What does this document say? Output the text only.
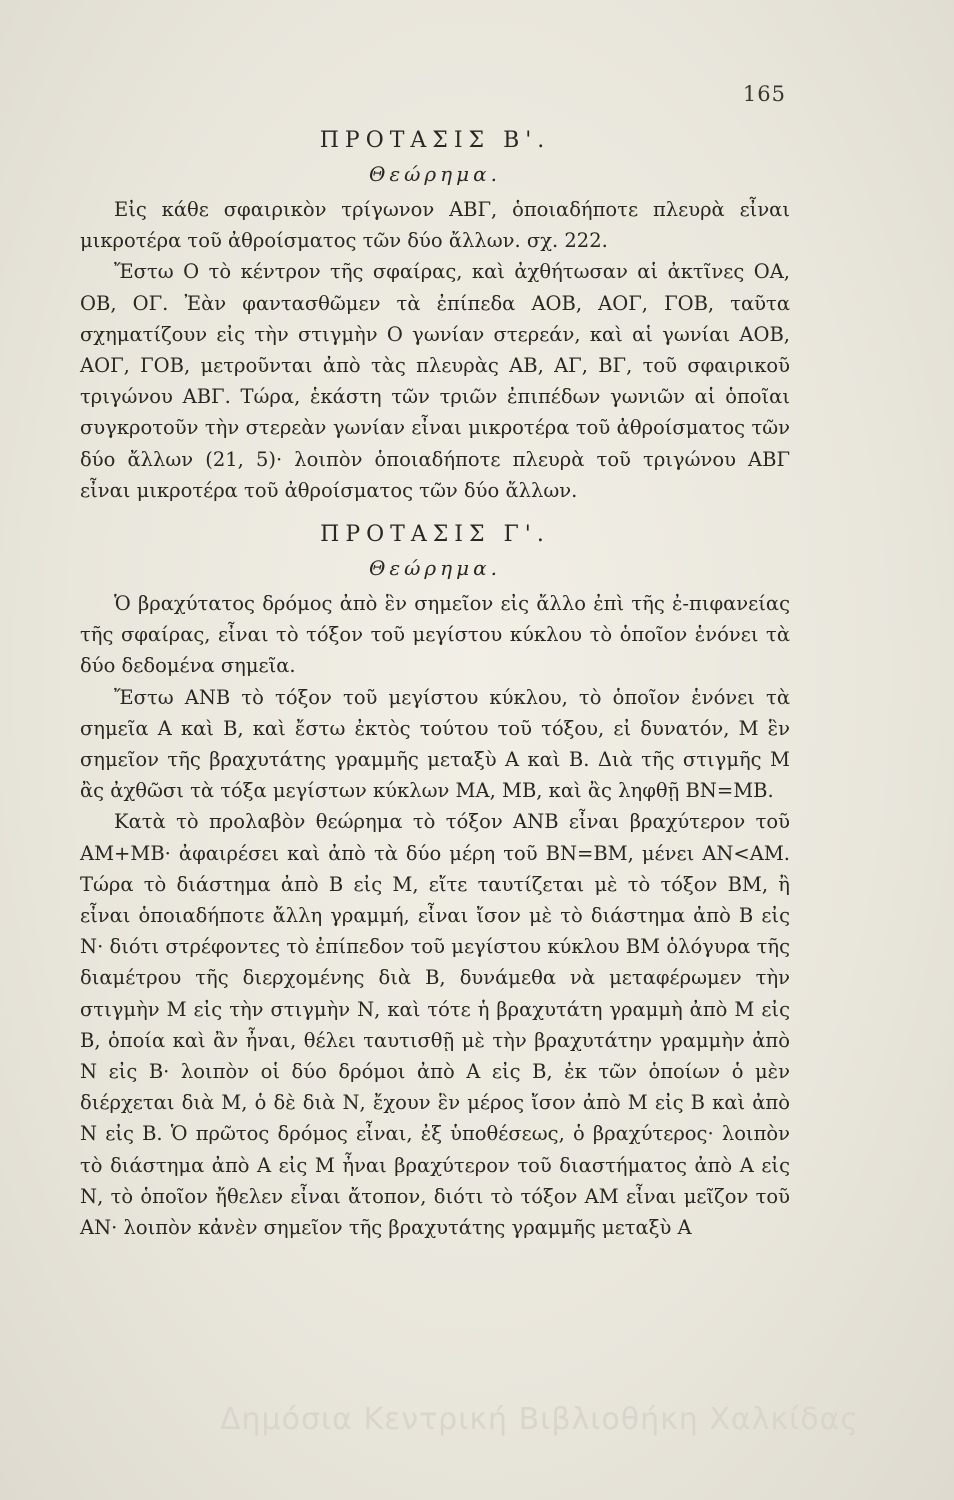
165
ΠΡΟΤΑΣΙΣ Β'.
Θεώρημα.

Εἰς κάθε σφαιρικὸν τρίγωνον ΑΒΓ, ὁποιαδήποτε πλευρὰ εἶναι μικροτέρα τοῦ ἀθροίσματος τῶν δύο ἄλλων. σχ. 222.

Ἔστω Ο τὸ κέντρον τῆς σφαίρας, καὶ ἀχθήτωσαν αἱ ἀκτῖνες ΟΑ, ΟΒ, ΟΓ. Ἐὰν φαντασθῶμεν τὰ ἐπίπεδα ΑΟΒ, ΑΟΓ, ΓΟΒ, ταῦτα σχηματίζουν εἰς τὴν στιγμὴν Ο γωνίαν στερεάν, καὶ αἱ γωνίαι ΑΟΒ, ΑΟΓ, ΓΟΒ, μετροῦνται ἀπὸ τὰς πλευρὰς ΑΒ, ΑΓ, ΒΓ, τοῦ σφαιρικοῦ τριγώνου ΑΒΓ. Τώρα, ἑκάστη τῶν τριῶν ἐπιπέδων γωνιῶν αἱ ὁποῖαι συγκροτοῦν τὴν στερεὰν γωνίαν εἶναι μικροτέρα τοῦ ἀθροίσματος τῶν δύο ἄλλων (21, 5)· λοιπὸν ὁποιαδήποτε πλευρὰ τοῦ τριγώνου ΑΒΓ εἶναι μικροτέρα τοῦ ἀθροίσματος τῶν δύο ἄλλων.

ΠΡΟΤΑΣΙΣ Γ'.
Θεώρημα.

Ὁ βραχύτατος δρόμος ἀπὸ ἓν σημεῖον εἰς ἄλλο ἐπὶ τῆς ἐ-πιφανείας τῆς σφαίρας, εἶναι τὸ τόξον τοῦ μεγίστου κύκλου τὸ ὁποῖον ἑνόνει τὰ δύο δεδομένα σημεῖα.

Ἔστω ΑΝΒ τὸ τόξον τοῦ μεγίστου κύκλου, τὸ ὁποῖον ἑνόνει τὰ σημεῖα Α καὶ Β, καὶ ἔστω ἐκτὸς τούτου τοῦ τόξου, εἰ δυνατόν, Μ ἓν σημεῖον τῆς βραχυτάτης γραμμῆς μεταξὺ Α καὶ Β. Διὰ τῆς στιγμῆς Μ ἂς ἀχθῶσι τὰ τόξα μεγίστων κύκλων ΜΑ, ΜΒ, καὶ ἂς ληφθῇ ΒΝ=ΜΒ.

Κατὰ τὸ προλαβὸν θεώρημα τὸ τόξον ΑΝΒ εἶναι βραχύτερον τοῦ ΑΜ+ΜΒ· ἀφαιρέσει καὶ ἀπὸ τὰ δύο μέρη τοῦ ΒΝ=ΒΜ, μένει ΑΝ<ΑΜ. Τώρα τὸ διάστημα ἀπὸ Β εἰς Μ, εἴτε ταυτίζεται μὲ τὸ τόξον ΒΜ, ἢ εἶναι ὁποιαδήποτε ἄλλη γραμμή, εἶναι ἴσον μὲ τὸ διάστημα ἀπὸ Β εἰς Ν· διότι στρέφοντες τὸ ἐπίπεδον τοῦ μεγίστου κύκλου ΒΜ ὁλόγυρα τῆς διαμέτρου τῆς διερχομένης διὰ Β, δυνάμεθα νὰ μεταφέρωμεν τὴν στιγμὴν Μ εἰς τὴν στιγμὴν Ν, καὶ τότε ἡ βραχυτάτη γραμμὴ ἀπὸ Μ εἰς Β, ὁποία καὶ ἂν ἦναι, θέλει ταυτισθῇ μὲ τὴν βραχυτάτην γραμμὴν ἀπὸ Ν εἰς Β· λοιπὸν οἱ δύο δρόμοι ἀπὸ Α εἰς Β, ἐκ τῶν ὁποίων ὁ μὲν διέρχεται διὰ Μ, ὁ δὲ διὰ Ν, ἔχουν ἓν μέρος ἴσον ἀπὸ Μ εἰς Β καὶ ἀπὸ Ν εἰς Β. Ὁ πρῶτος δρόμος εἶναι, ἐξ ὑποθέσεως, ὁ βραχύτερος· λοιπὸν τὸ διάστημα ἀπὸ Α εἰς Μ ἦναι βραχύτερον τοῦ διαστήματος ἀπὸ Α εἰς Ν, τὸ ὁποῖον ἤθελεν εἶναι ἄτοπον, διότι τὸ τόξον ΑΜ εἶναι μεῖζον τοῦ ΑΝ· λοιπὸν κἀνὲν σημεῖον τῆς βραχυτάτης γραμμῆς μεταξὺ Α

Δημόσια Κεντρική Βιβλιοθήκη Χαλκίδας
